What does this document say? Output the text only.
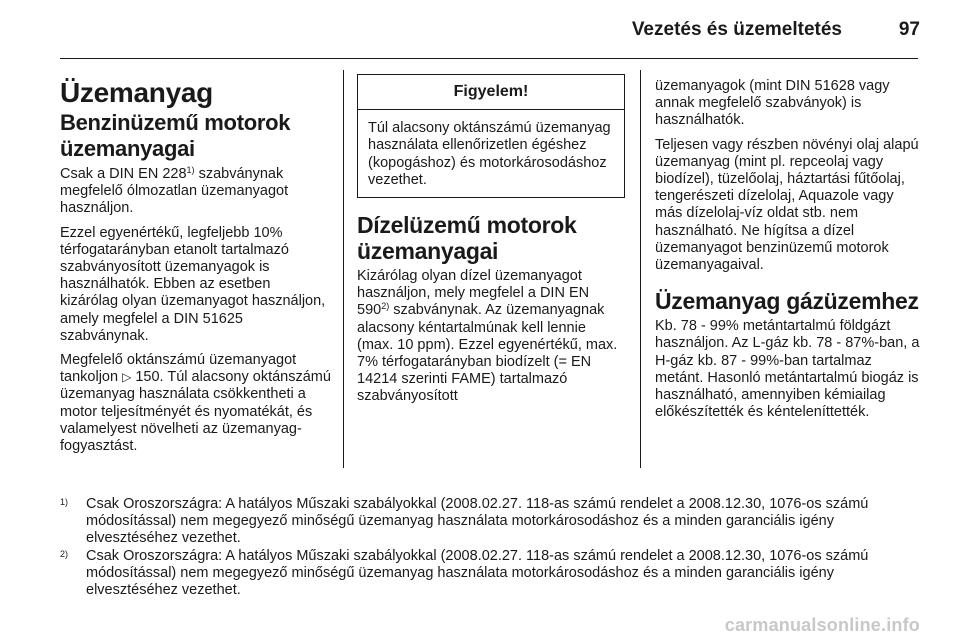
Vezetés és üzemeltetés	97
Üzemanyag
Benzinüzemű motorok üzemanyagai

Csak a DIN EN 228$^{1)}$ szabványnak megfelelő ólmozatlan üzemanyagot használjon.

Ezzel egyenértékű, legfeljebb 10% térfogatarányban etanolt tartalmazó szabványosított üzemanyagok is használhatók. Ebben az esetben kizárólag olyan üzemanyagot használjon, amely megfelel a DIN 51625 szabványnak.

Megfelelő oktánszámú üzemanyagot tankoljon ▷ 150. Túl alacsony oktánszámú üzemanyag használata csökkentheti a motor teljesítményét és nyomatékát, és valamelyest növelheti az üzemanyag-fogyasztást.

Figyelem!
Túl alacsony oktánszámú üzemanyag használata ellenőrizetlen égéshez (kopogáshoz) és motorkárosodáshoz vezethet.
Dízelüzemű motorok üzemanyagai

Kizárólag olyan dízel üzemanyagot használjon, mely megfelel a DIN EN 590$^{2)}$ szabványnak. Az üzemanyagnak alacsony kéntartalmúnak kell lennie (max. 10 ppm). Ezzel egyenértékű, max. 7% térfogatarányban biodízelt (= EN 14214 szerinti FAME) tartalmazó szabványosított

üzemanyagok (mint DIN 51628 vagy annak megfelelő szabványok) is használhatók.

Teljesen vagy részben növényi olaj alapú üzemanyag (mint pl. repceolaj vagy biodízel), tüzelőolaj, háztartási fűtőolaj, tengerészeti dízelolaj, Aquazole vagy más dízelolaj-víz oldat stb. nem használható. Ne hígítsa a dízel üzemanyagot benzinüzemű motorok üzemanyagaival.

Üzemanyag gázüzemhez

Kb. 78 - 99% metántartalmú földgázt használjon. Az L-gáz kb. 78 - 87%-ban, a H-gáz kb. 87 - 99%-ban tartalmaz metánt. Hasonló metántartalmú biogáz is használható, amennyiben kémiailag előkészítették és kénteleníttették.

1) Csak Oroszországra: A hatályos Műszaki szabályokkal (2008.02.27. 118-as számú rendelet a 2008.12.30, 1076-os számú módosítással) nem megegyező minőségű üzemanyag használata motorkárosodáshoz és a minden garanciális igény elvesztéséhez vezethet.
2) Csak Oroszországra: A hatályos Műszaki szabályokkal (2008.02.27. 118-as számú rendelet a 2008.12.30, 1076-os számú módosítással) nem megegyező minőségű üzemanyag használata motorkárosodáshoz és a minden garanciális igény elvesztéséhez vezethet.
carmanualsonline.info
